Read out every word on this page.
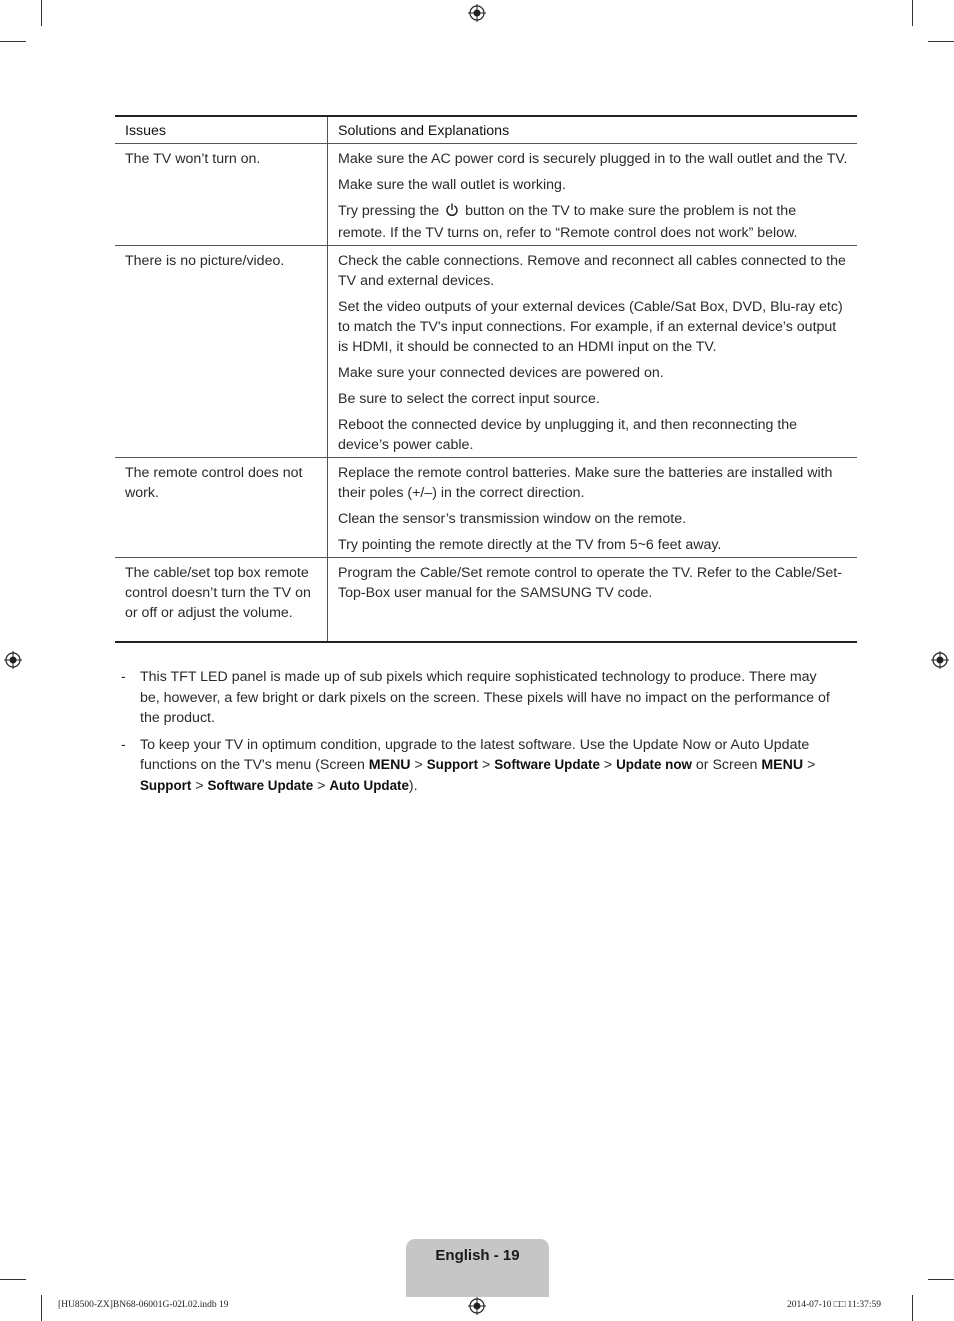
Issues	Solutions and Explanations
The TV won’t turn on.	Make sure the AC power cord is securely plugged in to the wall outlet and the TV.

Make sure the wall outlet is working.

Try pressing the button on the TV to make sure the problem is not the remote. If the TV turns on, refer to “Remote control does not work” below.

There is no picture/video.	Check the cable connections. Remove and reconnect all cables connected to the TV and external devices.

Set the video outputs of your external devices (Cable/Sat Box, DVD, Blu-ray etc) to match the TV's input connections. For example, if an external device’s output is HDMI, it should be connected to an HDMI input on the TV.

Make sure your connected devices are powered on.

Be sure to select the correct input source.

Reboot the connected device by unplugging it, and then reconnecting the device’s power cable.

The remote control does not work.	Replace the remote control batteries. Make sure the batteries are installed with their poles (+/–) in the correct direction.

Clean the sensor’s transmission window on the remote.

Try pointing the remote directly at the TV from 5~6 feet away.

The cable/set top box remote control doesn’t turn the TV on or off or adjust the volume.	Program the Cable/Set remote control to operate the TV. Refer to the Cable/Set-Top-Box user manual for the SAMSUNG TV code.

-	This TFT LED panel is made up of sub pixels which require sophisticated technology to produce. There may be, however, a few bright or dark pixels on the screen. These pixels will have no impact on the performance of the product.
-	To keep your TV in optimum condition, upgrade to the latest software. Use the Update Now or Auto Update functions on the TV's menu (Screen MENU > Support > Software Update > Update now or Screen MENU > Support > Software Update > Auto Update).
English - 19
[HU8500-ZX]BN68-06001G-02L02.indb 19	2014-07-10 □□ 11:37:59
